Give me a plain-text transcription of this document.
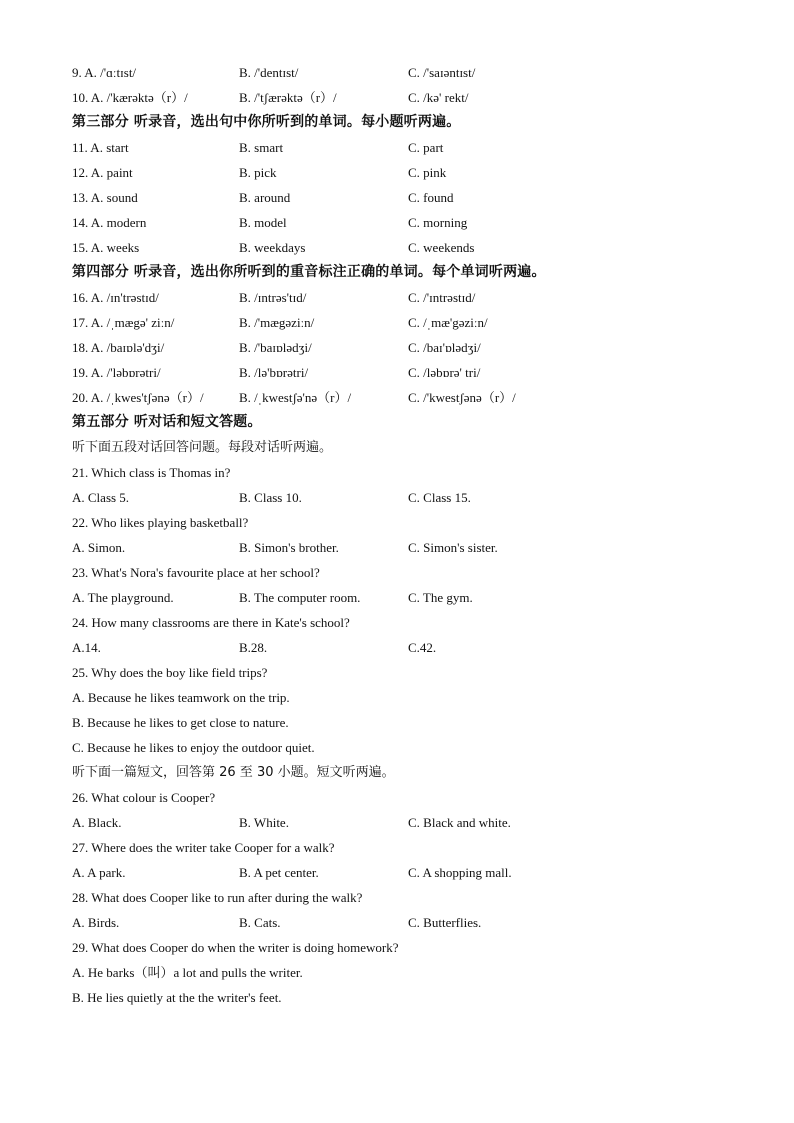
9. A. /'ɑːtɪst/	B. /'dentɪst/	C. /'saɪəntɪst/
10. A. /'kærəktə（r）/	B. /'tʃærəktə（r）/	C. /kə' rekt/
第三部分 听录音，选出句中你所听到的单词。每小题听两遍。
11. A. start	B. smart	C. part
12. A. paint	B. pick	C. pink
13. A. sound	B. around	C. found
14. A. modern	B. model	C. morning
15. A. weeks	B. weekdays	C. weekends
第四部分 听录音，选出你所听到的重音标注正确的单词。每个单词听两遍。
16. A. /ɪn'trəstɪd/	B. /ɪntrəs'tɪd/	C. /'ɪntrəstɪd/
17. A. /ˌmægə' ziːn/	B. /'mægəziːn/	C. /ˌmæ'gəziːn/
18. A. /baɪɒlə'dʒi/	B. /'baɪɒlədʒi/	C. /baɪ'ɒlədʒi/
19. A. /'ləbɒrətri/	B. /lə'bɒrətri/	C. /ləbɒrə' tri/
20. A. /ˌkwes'tʃənə（r）/	B. /ˌkwestʃə'nə（r）/	C. /'kwestʃənə（r）/
第五部分 听对话和短文答题。
听下面五段对话回答问题。每段对话听两遍。
21. Which class is Thomas in?
A. Class 5.	B. Class 10.	C. Class 15.
22. Who likes playing basketball?
A. Simon.	B. Simon's brother.	C. Simon's sister.
23. What's Nora's favourite place at her school?
A. The playground.	B. The computer room.	C. The gym.
24. How many classrooms are there in Kate's school?
A.14.	B.28.	C.42.
25. Why does the boy like field trips?
A. Because he likes teamwork on the trip.
B. Because he likes to get close to nature.
C. Because he likes to enjoy the outdoor quiet.
听下面一篇短文，回答第 26 至 30 小题。短文听两遍。
26. What colour is Cooper?
A. Black.	B. White.	C. Black and white.
27. Where does the writer take Cooper for a walk?
A. A park.	B. A pet center.	C. A shopping mall.
28. What does Cooper like to run after during the walk?
A. Birds.	B. Cats.	C. Butterflies.
29. What does Cooper do when the writer is doing homework?
A. He barks（叫）a lot and pulls the writer.
B. He lies quietly at the the writer's feet.
